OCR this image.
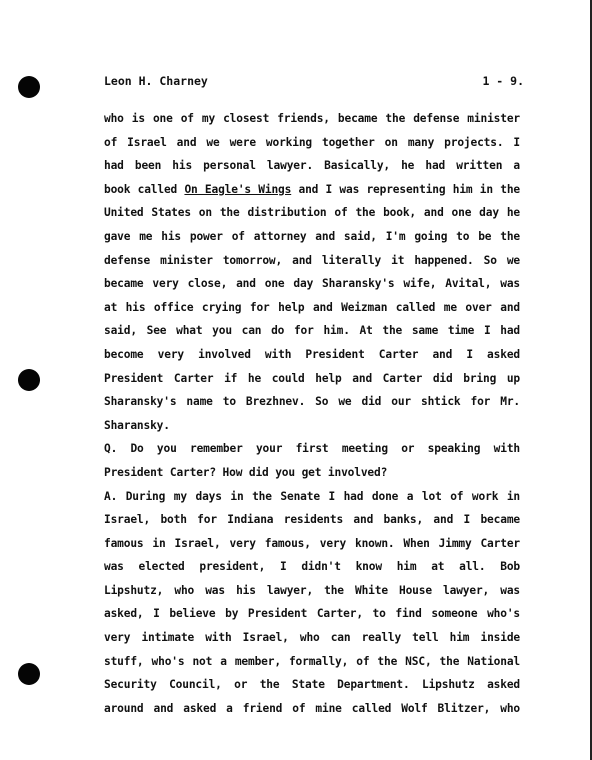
Leon H. Charney	1 - 9.
who is one of my closest friends, became the defense minister
of Israel and we were working together on many projects. I
had been his personal lawyer. Basically, he had written a
book called On Eagle's Wings and I was representing him in the
United States on the distribution of the book, and one day he
gave me his power of attorney and said, I'm going to be the
defense minister tomorrow, and literally it happened. So we
became very close, and one day Sharansky's wife, Avital, was
at his office crying for help and Weizman called me over and
said, See what you can do for him. At the same time I had
become very involved with President Carter and I asked
President Carter if he could help and Carter did bring up
Sharansky's name to Brezhnev. So we did our shtick for Mr.
Sharansky.
Q. Do you remember your first meeting or speaking with
President Carter? How did you get involved?
A. During my days in the Senate I had done a lot of work in
Israel, both for Indiana residents and banks, and I became
famous in Israel, very famous, very known. When Jimmy Carter
was elected president, I didn't know him at all. Bob
Lipshutz, who was his lawyer, the White House lawyer, was
asked, I believe by President Carter, to find someone who's
very intimate with Israel, who can really tell him inside
stuff, who's not a member, formally, of the NSC, the National
Security Council, or the State Department. Lipshutz asked
around and asked a friend of mine called Wolf Blitzer, who
